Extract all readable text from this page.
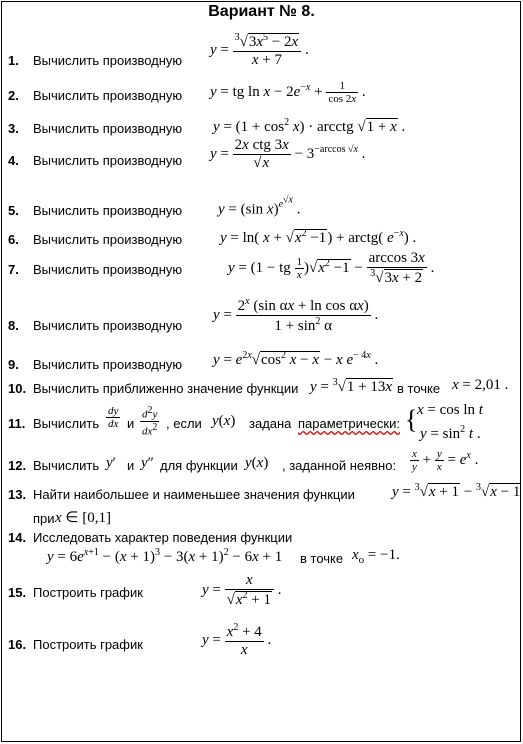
Вариант № 8.
1. Вычислить производную
$y = \frac{^3√3x^5 - 2x}{x + 7}$ .
2. Вычислить производную y = tg $\ln x - 2e^{-x} + \frac{1}{\cos 2x}$ .
3. Вычислить производную $y = (1 + \cos^2 x)$ · arcctg √1 + x .
4. Вычислить производную $y = \frac{\text{2x ctg 3x}}{√x} - 3^{-arccos √x}$ .
5. Вычислить производную y = (sin x)$^{e^{√x}}$ .
6. Вычислить производную	y = ln( $x + √x^2 -1$) + arctg( $e^{-x}$) .
7. Вычислить производную	y = (1 − tg $\frac{1}{x} )√x^2 -1 - \frac{\arccos 3x}{^3√3x + 2}$ .
8. Вычислить производную
$y = \frac{2^x (\sin \alpha x + \ln \cos \alpha x)}{1 + \sin^2 \alpha}$ .
9. Вычислить производную $y = e^{2x}√\cos^2$ x − x − x $e^{- 4x}$ .
10. Вычислить приближенно значение функции y = $^3$√1 + 13x в точке x = 2,01 .
11. Вычислить $\frac{dy}{dx}$ и $\frac{d^2y}{dx^2}$ , если y(x) задана параметрически: { x = cos ln t
$y = \sin^2 t$ .
12. Вычислить y′ и y″ для функции y(x) , заданной неявно: $\frac{x}{y} + \frac{y}{x} = e^x$ .
13. Найти наибольшее и наименьшее значения функции y = $^3$√x + 1 − $^3$√x − 1
при x ∈ [0,1]
14. Исследовать характер поведения функции
$y = 6e^{x+1} - (x + 1)^3 - 3(x + 1)^2 - 6x + 1$ в точке $x_o = -1$.
15. Построить график	$y = \frac{x}{√x^2 + 1}$ .
16. Построить график	$y = \frac{x^2 + 4}{x}$ .
